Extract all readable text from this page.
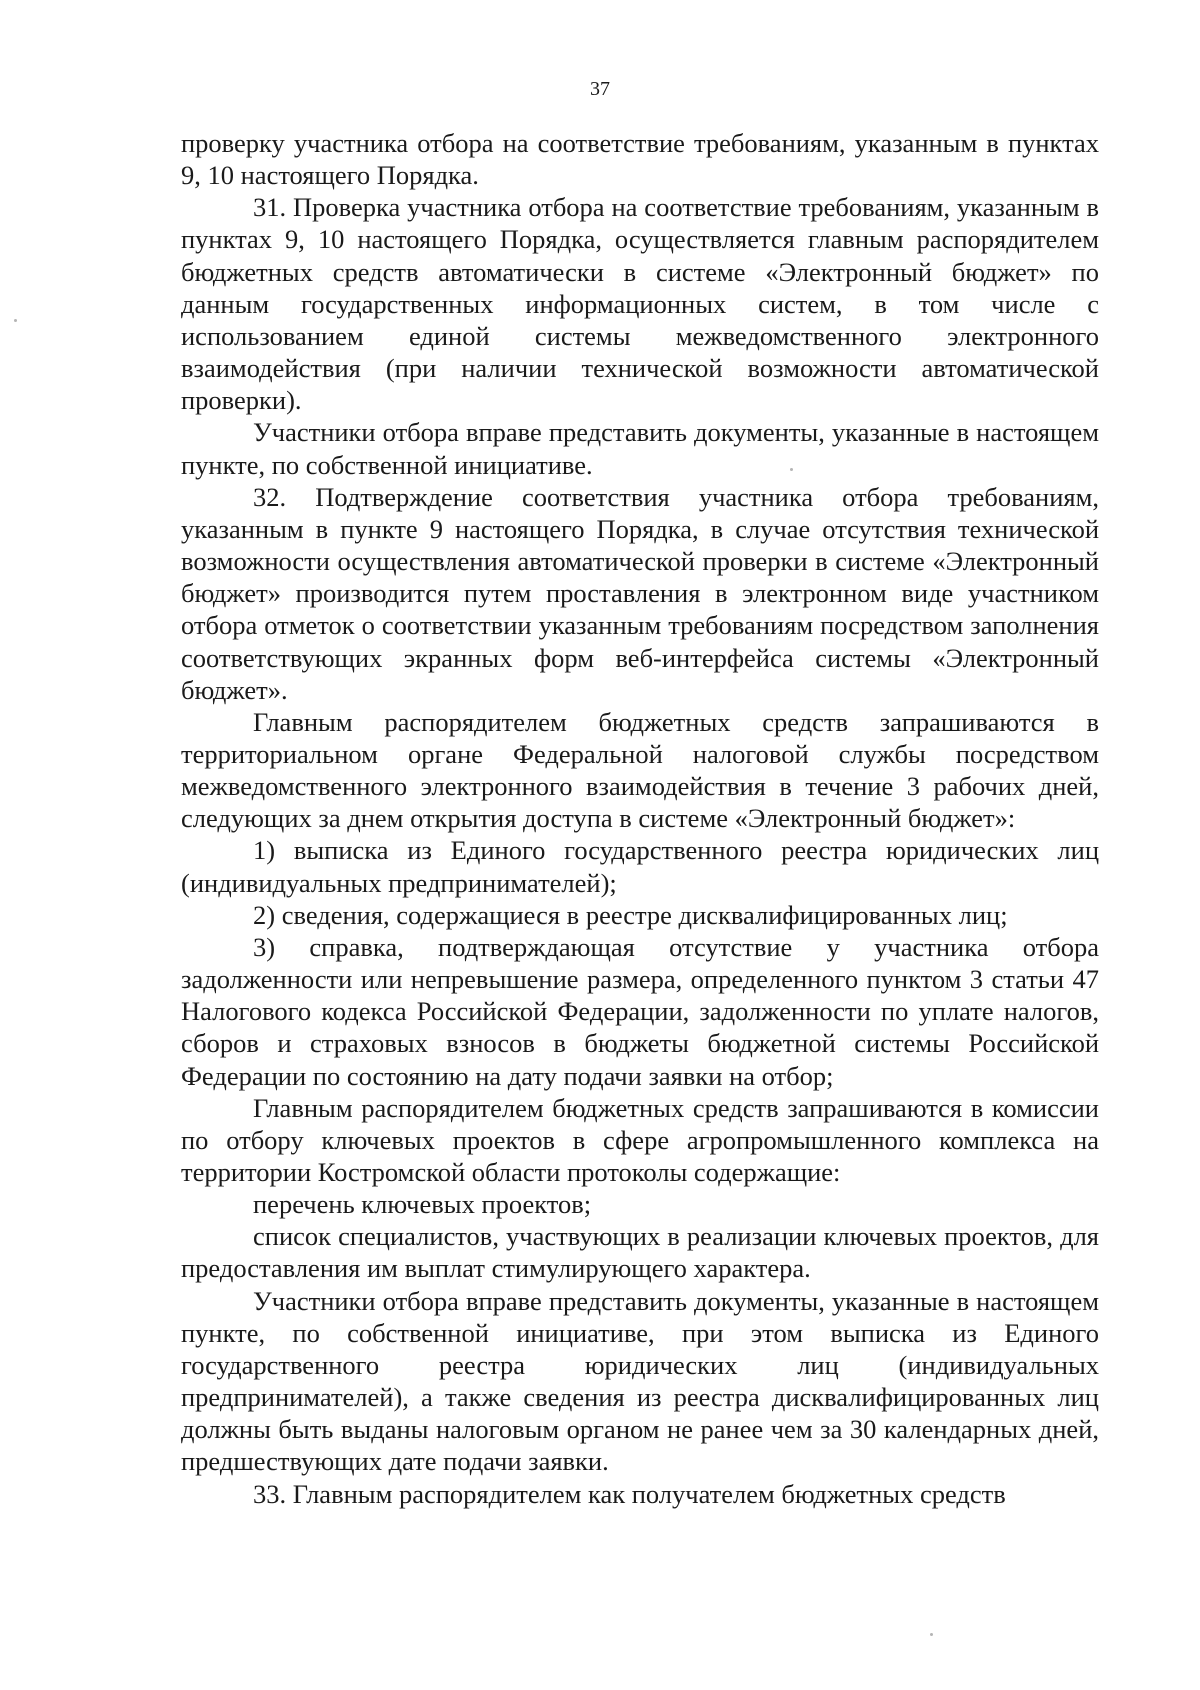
37

проверку участника отбора на соответствие требованиям, указанным в пунктах 9, 10 настоящего Порядка.

31. Проверка участника отбора на соответствие требованиям, указанным в пунктах 9, 10 настоящего Порядка, осуществляется главным распорядителем бюджетных средств автоматически в системе «Электронный бюджет» по данным государственных информационных систем, в том числе с использованием единой системы межведомственного электронного взаимодействия (при наличии технической возможности автоматической проверки).

Участники отбора вправе представить документы, указанные в настоящем пункте, по собственной инициативе.

32. Подтверждение соответствия участника отбора требованиям, указанным в пункте 9 настоящего Порядка, в случае отсутствия технической возможности осуществления автоматической проверки в системе «Электронный бюджет» производится путем проставления в электронном виде участником отбора отметок о соответствии указанным требованиям посредством заполнения соответствующих экранных форм веб-интерфейса системы «Электронный бюджет».

Главным распорядителем бюджетных средств запрашиваются в территориальном органе Федеральной налоговой службы посредством межведомственного электронного взаимодействия в течение 3 рабочих дней, следующих за днем открытия доступа в системе «Электронный бюджет»:

1) выписка из Единого государственного реестра юридических лиц (индивидуальных предпринимателей);

2) сведения, содержащиеся в реестре дисквалифицированных лиц;

3) справка, подтверждающая отсутствие у участника отбора задолженности или непревышение размера, определенного пунктом 3 статьи 47 Налогового кодекса Российской Федерации, задолженности по уплате налогов, сборов и страховых взносов в бюджеты бюджетной системы Российской Федерации по состоянию на дату подачи заявки на отбор;

Главным распорядителем бюджетных средств запрашиваются в комиссии по отбору ключевых проектов в сфере агропромышленного комплекса на территории Костромской области протоколы содержащие:

перечень ключевых проектов;

список специалистов, участвующих в реализации ключевых проектов, для предоставления им выплат стимулирующего характера.

Участники отбора вправе представить документы, указанные в настоящем пункте, по собственной инициативе, при этом выписка из Единого государственного реестра юридических лиц (индивидуальных предпринимателей), а также сведения из реестра дисквалифицированных лиц должны быть выданы налоговым органом не ранее чем за 30 календарных дней, предшествующих дате подачи заявки.

33. Главным распорядителем как получателем бюджетных средств
